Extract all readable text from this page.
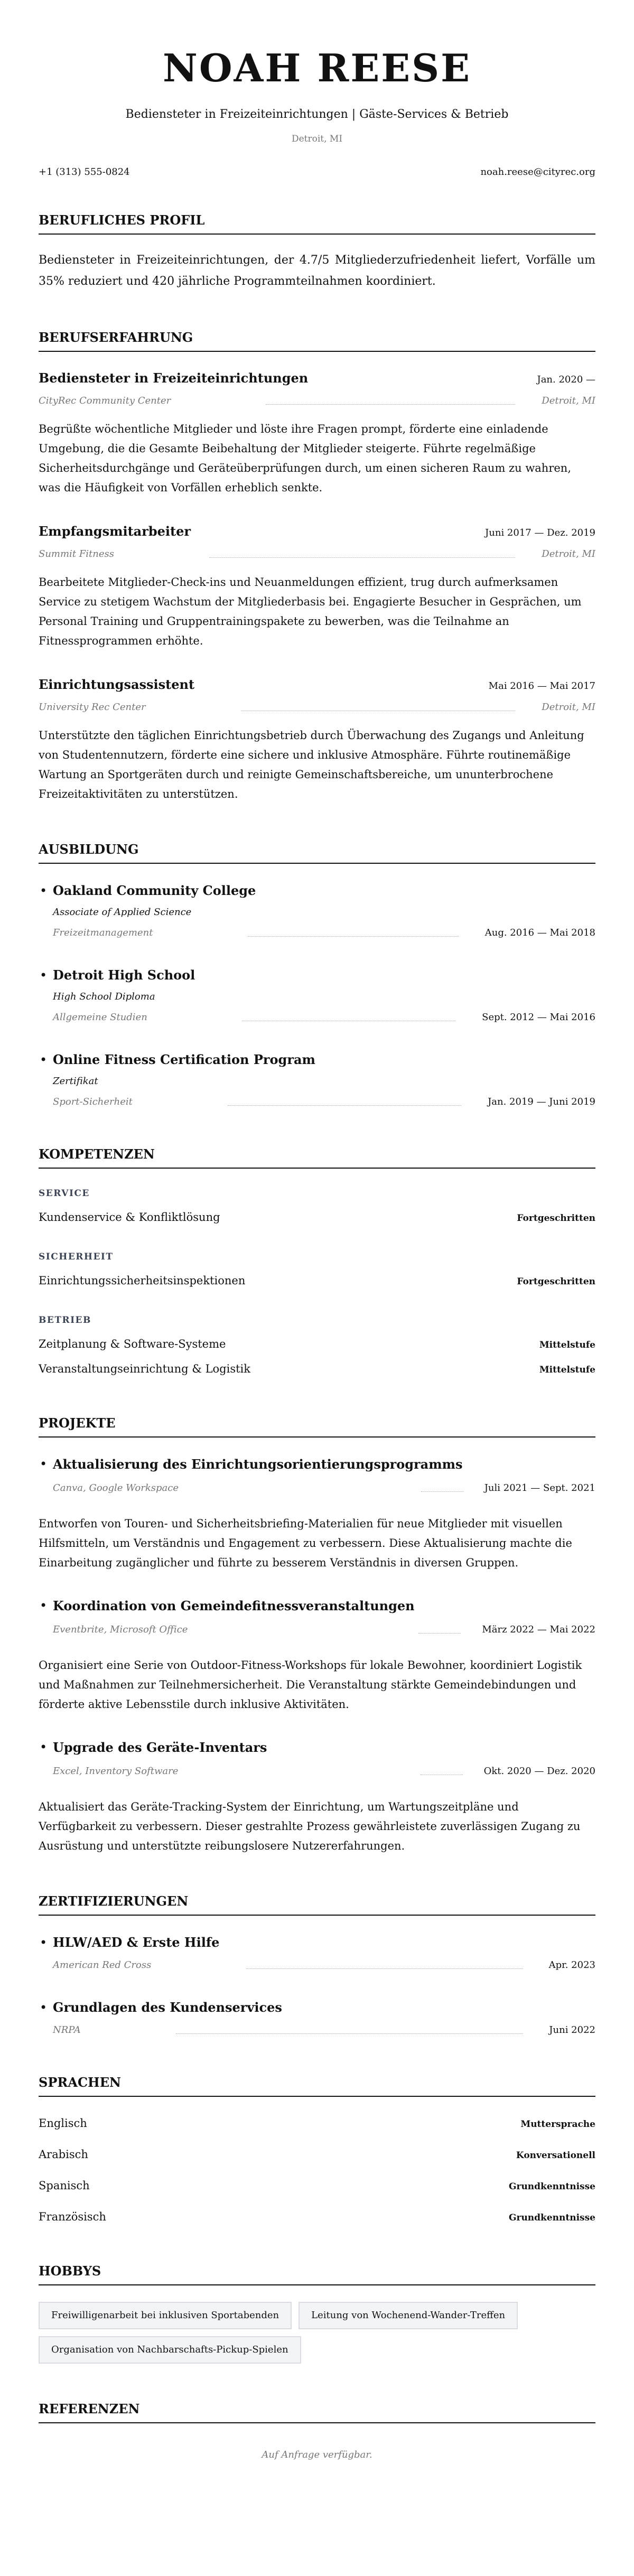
NOAH REESE
Bediensteter in Freizeiteinrichtungen | Gäste-Services & Betrieb
Detroit, MI
+1 (313) 555-0824	noah.reese@cityrec.org
BERUFLICHES PROFIL

Bediensteter in Freizeiteinrichtungen, der 4.7/5 Mitgliederzufriedenheit liefert, Vorfälle um 35% reduziert und 420 jährliche Programmteilnahmen koordiniert.

BERUFSERFAHRUNG
Bediensteter in Freizeiteinrichtungen	Jan. 2020 —
CityRec Community Center	Detroit, MI
Begrüßte wöchentliche Mitglieder und löste ihre Fragen prompt, förderte eine einladende Umgebung, die die Gesamte Beibehaltung der Mitglieder steigerte. Führte regelmäßige Sicherheitsdurchgänge und Geräteüberprüfungen durch, um einen sicheren Raum zu wahren, was die Häufigkeit von Vorfällen erheblich senkte.
Empfangsmitarbeiter	Juni 2017 — Dez. 2019
Summit Fitness	Detroit, MI
Bearbeitete Mitglieder-Check-ins und Neuanmeldungen effizient, trug durch aufmerksamen Service zu stetigem Wachstum der Mitgliederbasis bei. Engagierte Besucher in Gesprächen, um Personal Training und Gruppentrainingspakete zu bewerben, was die Teilnahme an Fitnessprogrammen erhöhte.
Einrichtungsassistent	Mai 2016 — Mai 2017
University Rec Center	Detroit, MI
Unterstützte den täglichen Einrichtungsbetrieb durch Überwachung des Zugangs und Anleitung von Studentennutzern, förderte eine sichere und inklusive Atmosphäre. Führte routinemäßige Wartung an Sportgeräten durch und reinigte Gemeinschaftsbereiche, um ununterbrochene Freizeitaktivitäten zu unterstützen.
AUSBILDUNG
• Oakland Community College
Associate of Applied Science
Freizeitmanagement	Aug. 2016 — Mai 2018
• Detroit High School
High School Diploma
Allgemeine Studien	Sept. 2012 — Mai 2016
• Online Fitness Certification Program
Zertifikat
Sport-Sicherheit	Jan. 2019 — Juni 2019
KOMPETENZEN
SERVICE
Kundenservice & Konfliktlösung	Fortgeschritten
SICHERHEIT
Einrichtungssicherheitsinspektionen	Fortgeschritten
BETRIEB
Zeitplanung & Software-Systeme	Mittelstufe
Veranstaltungseinrichtung & Logistik	Mittelstufe
PROJEKTE
• Aktualisierung des Einrichtungsorientierungsprogramms
Canva, Google Workspace	Juli 2021 — Sept. 2021
Entworfen von Touren- und Sicherheitsbriefing-Materialien für neue Mitglieder mit visuellen Hilfsmitteln, um Verständnis und Engagement zu verbessern. Diese Aktualisierung machte die Einarbeitung zugänglicher und führte zu besserem Verständnis in diversen Gruppen.
• Koordination von Gemeindefitnessveranstaltungen
Eventbrite, Microsoft Office	März 2022 — Mai 2022
Organisiert eine Serie von Outdoor-Fitness-Workshops für lokale Bewohner, koordiniert Logistik und Maßnahmen zur Teilnehmersicherheit. Die Veranstaltung stärkte Gemeindebindungen und förderte aktive Lebensstile durch inklusive Aktivitäten.
• Upgrade des Geräte-Inventars
Excel, Inventory Software	Okt. 2020 — Dez. 2020
Aktualisiert das Geräte-Tracking-System der Einrichtung, um Wartungszeitpläne und Verfügbarkeit zu verbessern. Dieser gestrahlte Prozess gewährleistete zuverlässigen Zugang zu Ausrüstung und unterstützte reibungslosere Nutzererfahrungen.
ZERTIFIZIERUNGEN
• HLW/AED & Erste Hilfe
American Red Cross	Apr. 2023
• Grundlagen des Kundenservices
NRPA	Juni 2022
SPRACHEN
Englisch	Muttersprache
Arabisch	Konversationell
Spanisch	Grundkenntnisse
Französisch	Grundkenntnisse
HOBBYS
Freiwilligenarbeit bei inklusiven Sportabenden	Leitung von Wochenend-Wander-Treffen
Organisation von Nachbarschafts-Pickup-Spielen
REFERENZEN
Auf Anfrage verfügbar.
